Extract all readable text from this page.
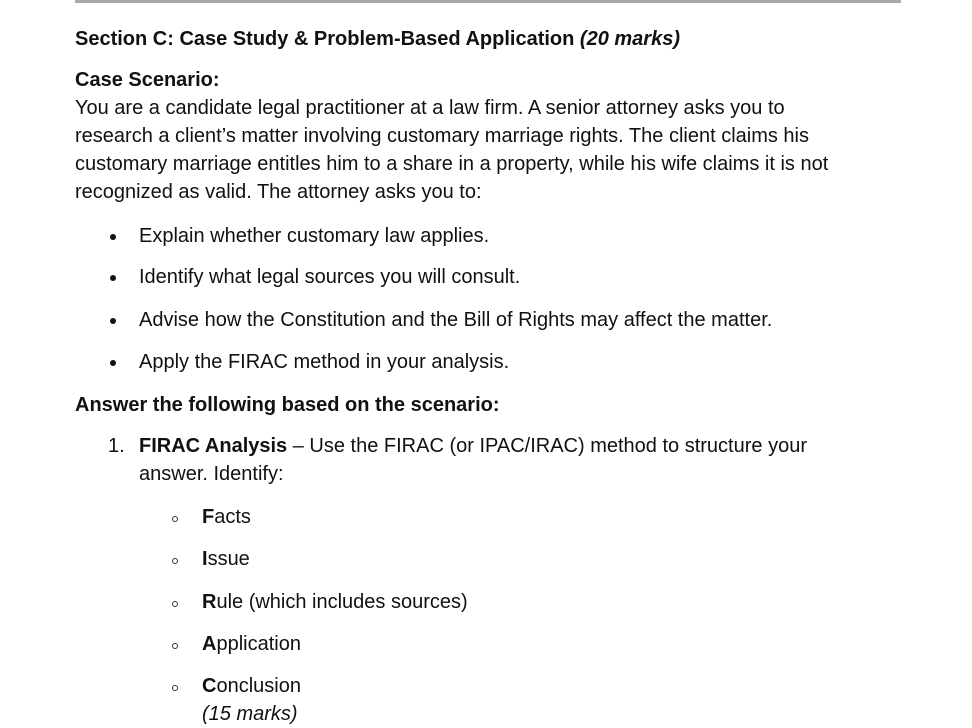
Section C: Case Study & Problem-Based Application (20 marks)
Case Scenario:
You are a candidate legal practitioner at a law firm. A senior attorney asks you to
research a client’s matter involving customary marriage rights. The client claims his
customary marriage entitles him to a share in a property, while his wife claims it is not
recognized as valid. The attorney asks you to:
Explain whether customary law applies.
Identify what legal sources you will consult.
Advise how the Constitution and the Bill of Rights may affect the matter.
Apply the FIRAC method in your analysis.
Answer the following based on the scenario:
1. FIRAC Analysis – Use the FIRAC (or IPAC/IRAC) method to structure your
answer. Identify:
Facts
Issue
Rule (which includes sources)
Application
Conclusion
(15 marks)
